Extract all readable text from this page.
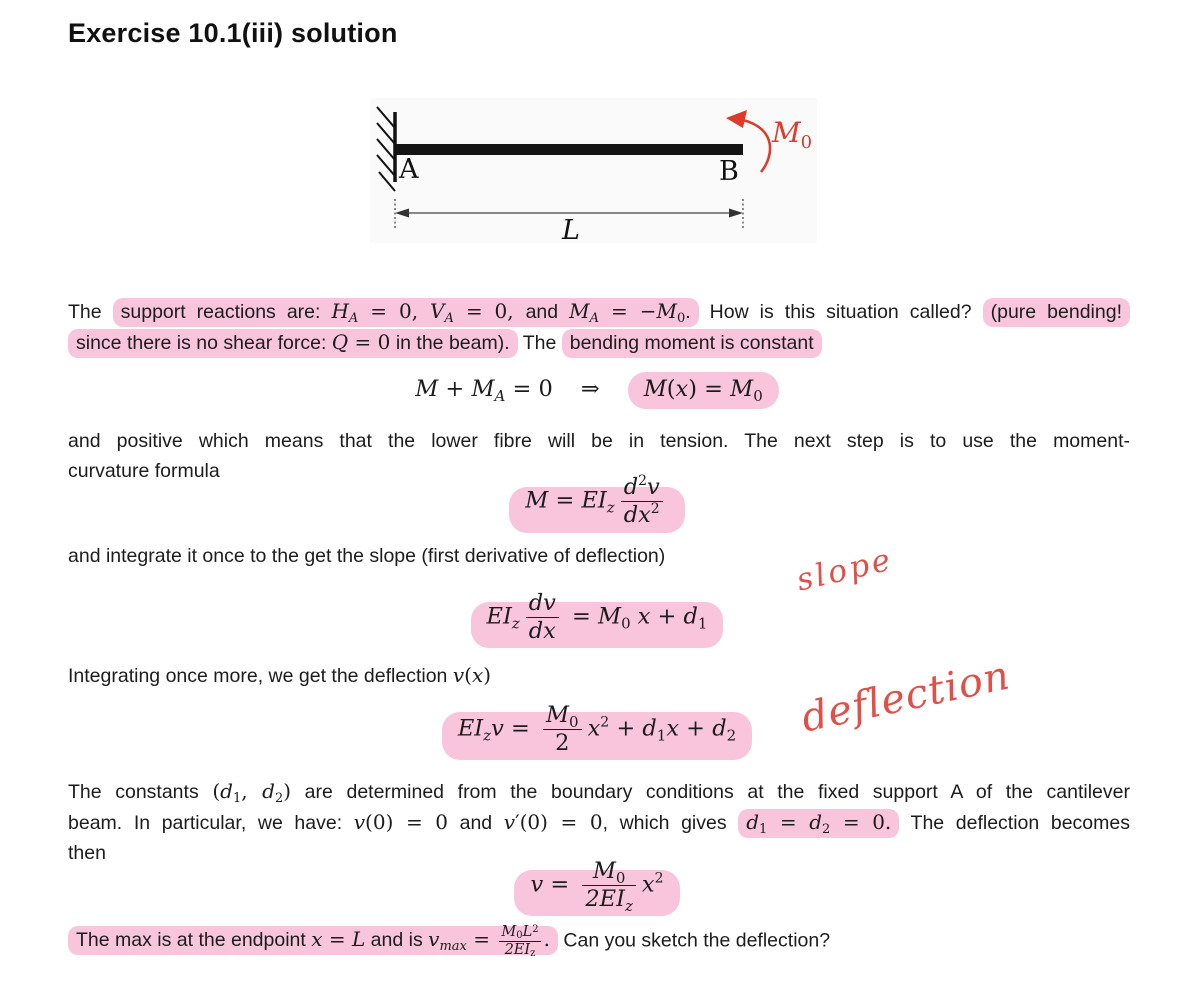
Exercise 10.1(iii) solution
A	B
$M_0$
L
The support reactions are: $H_A = 0$, $V_A = 0$, and $M_A = -M_0$. How is this situation called? (pure bending!
since there is no shear force: Q = 0 in the beam). The bending moment is constant
$M + M_A = 0$ ⇒ $M(x) = M_0$
and positive which means that the lower fibre will be in tension. The next step is to use the moment-
curvature formula
$M = EI_z \frac{d^2v}{dx^2}$
and integrate it once to the get the slope (first derivative of deflection)	slope
$EI_z \frac{dv}{dx} = M_0$ $x + d_1$
Integrating once more, we get the deflection v(x)	deflection
$EI_zv = \frac{M_0}{2} x^2 + d_1x + d_2$
The constants ($d_1$, $d_2$) are determined from the boundary conditions at the fixed support A of the cantilever
beam. In particular, we have: v(0) = 0 and v′(0) = 0, which gives $d_1 = d_2 = 0$. The deflection becomes
then
$v = \frac{M_0}{2EI_z} x^2$
The max is at the endpoint x = L and is $v_{max} = \frac{M_0L^2}{2EI_z}$ . Can you sketch the deflection?
